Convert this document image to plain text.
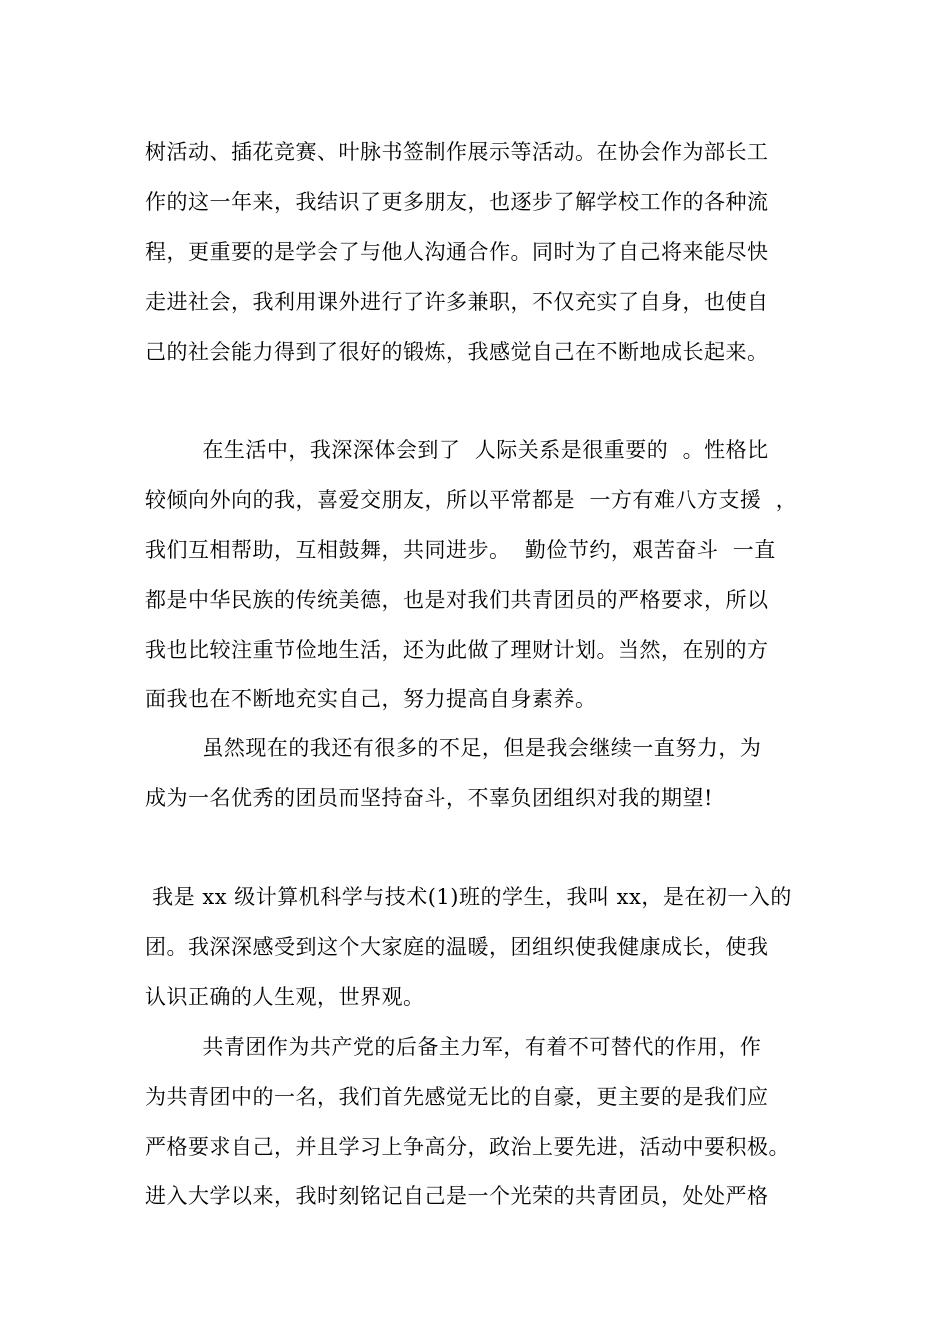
树活动、插花竞赛、叶脉书签制作展示等活动。在协会作为部长工
作的这一年来，我结识了更多朋友，也逐步了解学校工作的各种流
程，更重要的是学会了与他人沟通合作。同时为了自己将来能尽快
走进社会，我利用课外进行了许多兼职，不仅充实了自身，也使自
己的社会能力得到了很好的锻炼，我感觉自己在不断地成长起来。
在生活中，我深深体会到了  人际关系是很重要的  。性格比
较倾向外向的我，喜爱交朋友，所以平常都是  一方有难八方支援  ，
我们互相帮助，互相鼓舞，共同进步。  勤俭节约，艰苦奋斗  一直
都是中华民族的传统美德，也是对我们共青团员的严格要求，所以
我也比较注重节俭地生活，还为此做了理财计划。当然，在别的方
面我也在不断地充实自己，努力提高自身素养。
虽然现在的我还有很多的不足，但是我会继续一直努力，为
成为一名优秀的团员而坚持奋斗，不辜负团组织对我的期望!
我是 xx 级计算机科学与技术(1)班的学生，我叫 xx，是在初一入的
团。我深深感受到这个大家庭的温暖，团组织使我健康成长，使我
认识正确的人生观，世界观。
共青团作为共产党的后备主力军，有着不可替代的作用，作
为共青团中的一名，我们首先感觉无比的自豪，更主要的是我们应
严格要求自己，并且学习上争高分，政治上要先进，活动中要积极。
进入大学以来，我时刻铭记自己是一个光荣的共青团员，处处严格
